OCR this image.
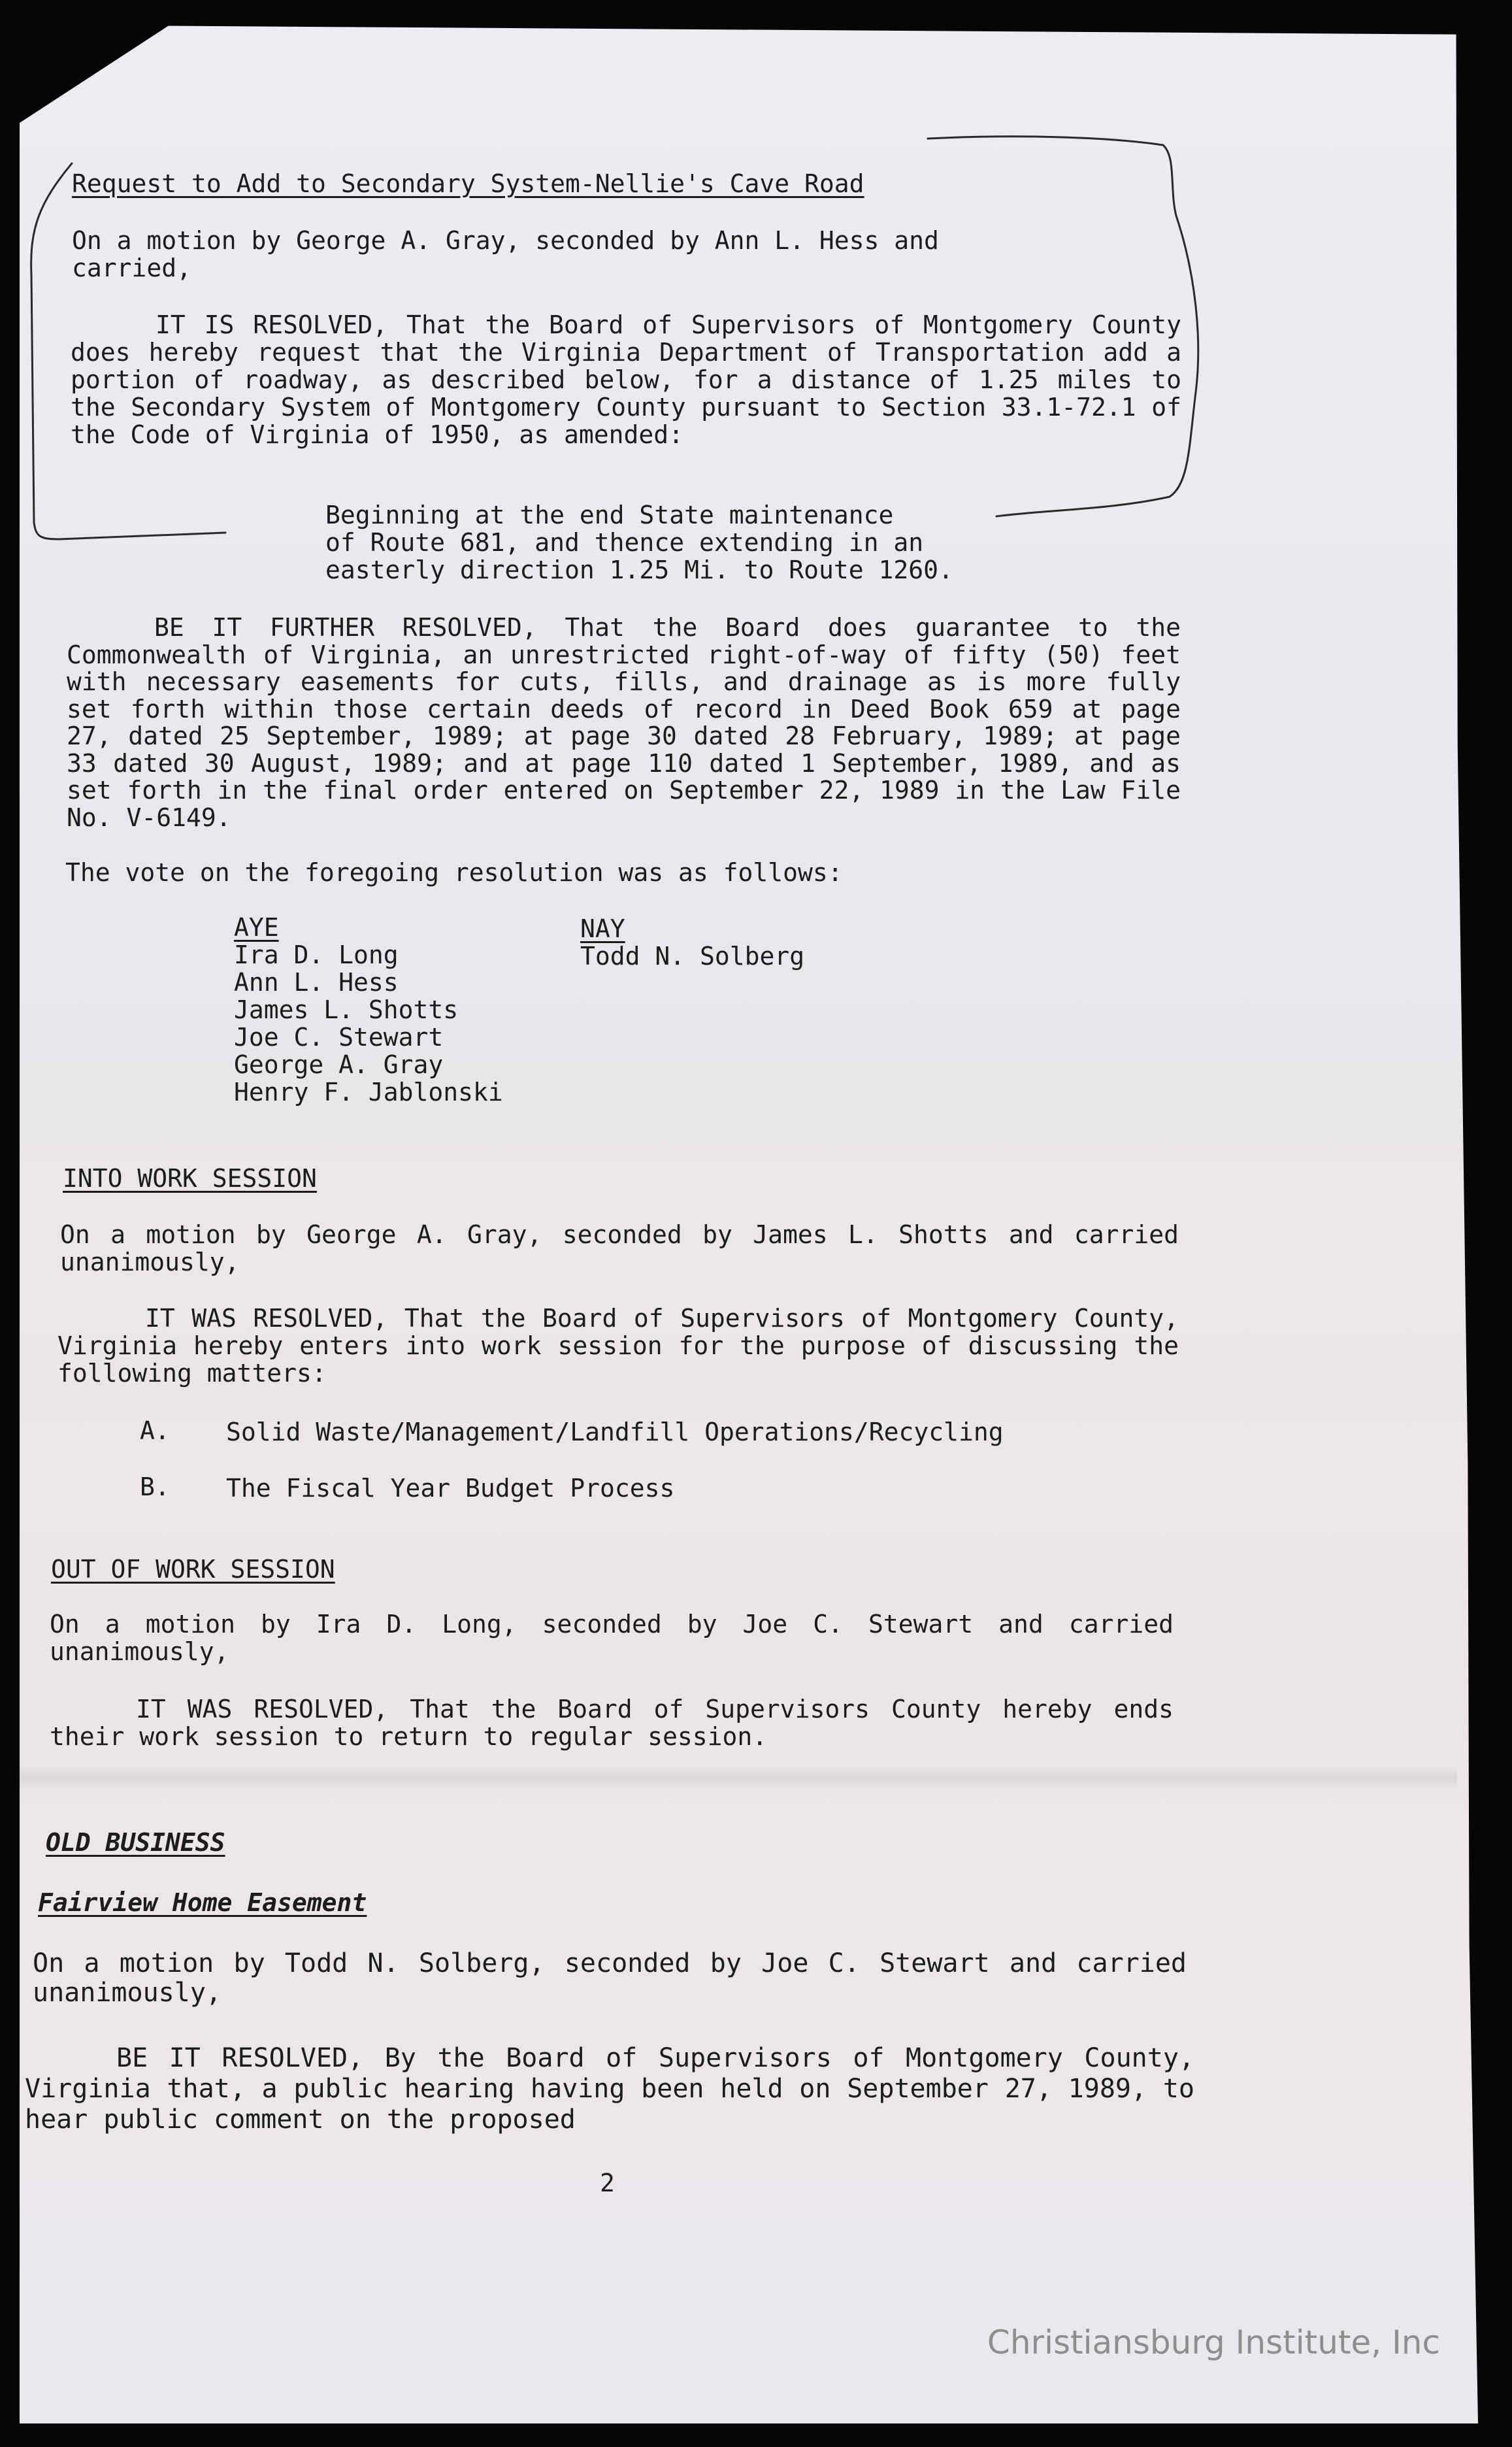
Request to Add to Secondary System-Nellie's Cave Road

On a motion by George A. Gray, seconded by Ann L. Hess and
carried,

IT IS RESOLVED, That the Board of Supervisors of Montgomery County does hereby request that the Virginia Department of Transportation add a portion of roadway, as described below, for a distance of 1.25 miles to the Secondary System of Montgomery County pursuant to Section 33.1-72.1 of the Code of Virginia of 1950, as amended:

Beginning at the end State maintenance

of Route 681, and thence extending in an

easterly direction 1.25 Mi. to Route 1260.

BE IT FURTHER RESOLVED, That the Board does guarantee to the Commonwealth of Virginia, an unrestricted right-of-way of fifty (50) feet with necessary easements for cuts, fills, and drainage as is more fully set forth within those certain deeds of record in Deed Book 659 at page 27, dated 25 September, 1989; at page 30 dated 28 February, 1989; at page 33 dated 30 August, 1989; and at page 110 dated 1 September, 1989, and as set forth in the final order entered on September 22, 1989 in the Law File No. V-6149.

The vote on the foregoing resolution was as follows:

AYE

Ira D. Long

Ann L. Hess

James L. Shotts

Joe C. Stewart

George A. Gray

Henry F. Jablonski

NAY

Todd N. Solberg

INTO WORK SESSION

On a motion by George A. Gray, seconded by James L. Shotts and carried unanimously,

IT WAS RESOLVED, That the Board of Supervisors of Montgomery County, Virginia hereby enters into work session for the purpose of discussing the following matters:

A. Solid Waste/Management/Landfill Operations/Recycling

B. The Fiscal Year Budget Process

OUT OF WORK SESSION

On a motion by Ira D. Long, seconded by Joe C. Stewart and carried unanimously,

IT WAS RESOLVED, That the Board of Supervisors County hereby ends their work session to return to regular session.

OLD BUSINESS

Fairview Home Easement

On a motion by Todd N. Solberg, seconded by Joe C. Stewart and carried unanimously,

BE IT RESOLVED, By the Board of Supervisors of Montgomery County, Virginia that, a public hearing having been held on September 27, 1989, to hear public comment on the proposed

2
Christiansburg Institute, Inc
